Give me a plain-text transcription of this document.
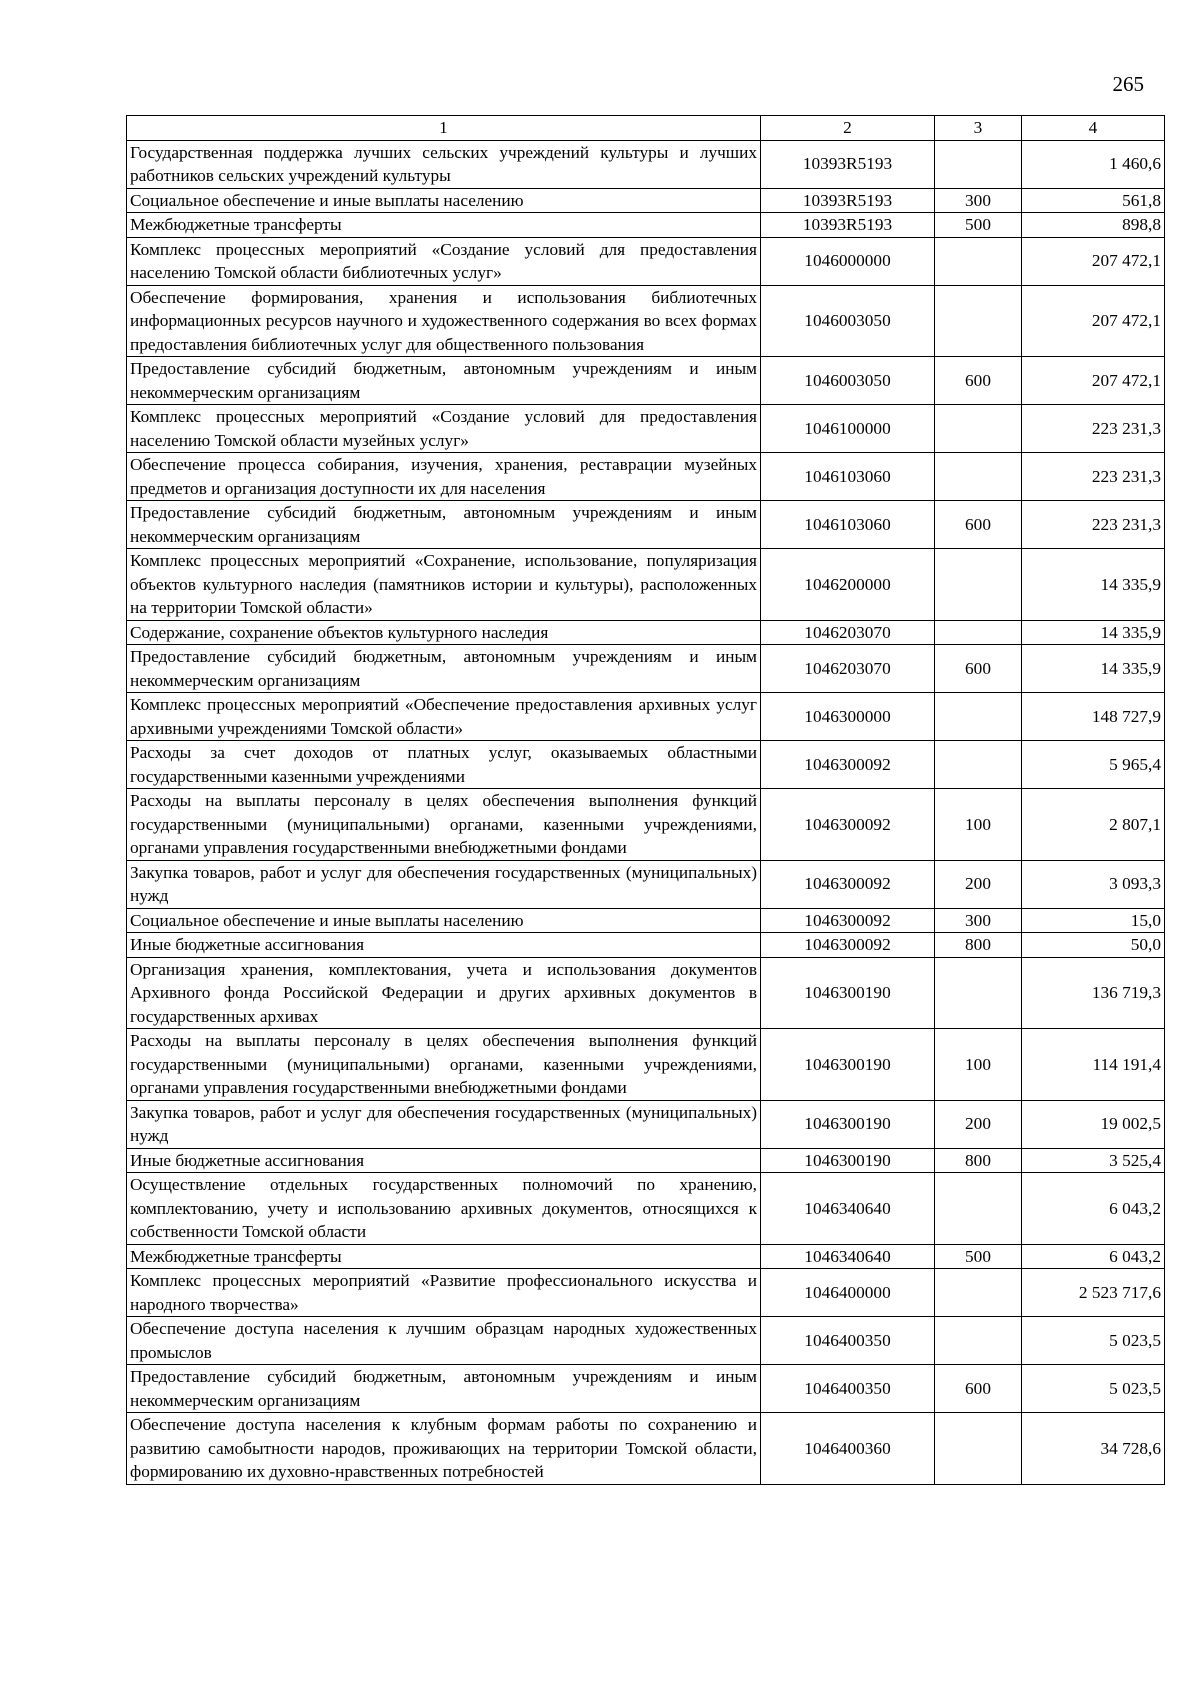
265
1	2	3	4
Государственная поддержка лучших сельских учреждений культуры и лучших работников сельских учреждений культуры	10393R5193		1 460,6
Социальное обеспечение и иные выплаты населению	10393R5193	300	561,8
Межбюджетные трансферты	10393R5193	500	898,8
Комплекс процессных мероприятий «Создание условий для предоставления населению Томской области библиотечных услуг»	1046000000		207 472,1
Обеспечение формирования, хранения и использования библиотечных информационных ресурсов научного и художественного содержания во всех формах предоставления библиотечных услуг для общественного пользования	1046003050		207 472,1
Предоставление субсидий бюджетным, автономным учреждениям и иным некоммерческим организациям	1046003050	600	207 472,1
Комплекс процессных мероприятий «Создание условий для предоставления населению Томской области музейных услуг»	1046100000		223 231,3
Обеспечение процесса собирания, изучения, хранения, реставрации музейных предметов и организация доступности их для населения	1046103060		223 231,3
Предоставление субсидий бюджетным, автономным учреждениям и иным некоммерческим организациям	1046103060	600	223 231,3
Комплекс процессных мероприятий «Сохранение, использование, популяризация объектов культурного наследия (памятников истории и культуры), расположенных на территории Томской области»	1046200000		14 335,9
Содержание, сохранение объектов культурного наследия	1046203070		14 335,9
Предоставление субсидий бюджетным, автономным учреждениям и иным некоммерческим организациям	1046203070	600	14 335,9
Комплекс процессных мероприятий «Обеспечение предоставления архивных услуг архивными учреждениями Томской области»	1046300000		148 727,9
Расходы за счет доходов от платных услуг, оказываемых областными государственными казенными учреждениями	1046300092		5 965,4
Расходы на выплаты персоналу в целях обеспечения выполнения функций государственными (муниципальными) органами, казенными учреждениями, органами управления государственными внебюджетными фондами	1046300092	100	2 807,1
Закупка товаров, работ и услуг для обеспечения государственных (муниципальных) нужд	1046300092	200	3 093,3
Социальное обеспечение и иные выплаты населению	1046300092	300	15,0
Иные бюджетные ассигнования	1046300092	800	50,0
Организация хранения, комплектования, учета и использования документов Архивного фонда Российской Федерации и других архивных документов в государственных архивах	1046300190		136 719,3
Расходы на выплаты персоналу в целях обеспечения выполнения функций государственными (муниципальными) органами, казенными учреждениями, органами управления государственными внебюджетными фондами	1046300190	100	114 191,4
Закупка товаров, работ и услуг для обеспечения государственных (муниципальных) нужд	1046300190	200	19 002,5
Иные бюджетные ассигнования	1046300190	800	3 525,4
Осуществление отдельных государственных полномочий по хранению, комплектованию, учету и использованию архивных документов, относящихся к собственности Томской области	1046340640		6 043,2
Межбюджетные трансферты	1046340640	500	6 043,2
Комплекс процессных мероприятий «Развитие профессионального искусства и народного творчества»	1046400000		2 523 717,6
Обеспечение доступа населения к лучшим образцам народных художественных промыслов	1046400350		5 023,5
Предоставление субсидий бюджетным, автономным учреждениям и иным некоммерческим организациям	1046400350	600	5 023,5
Обеспечение доступа населения к клубным формам работы по сохранению и развитию самобытности народов, проживающих на территории Томской области, формированию их духовно-нравственных потребностей	1046400360		34 728,6
